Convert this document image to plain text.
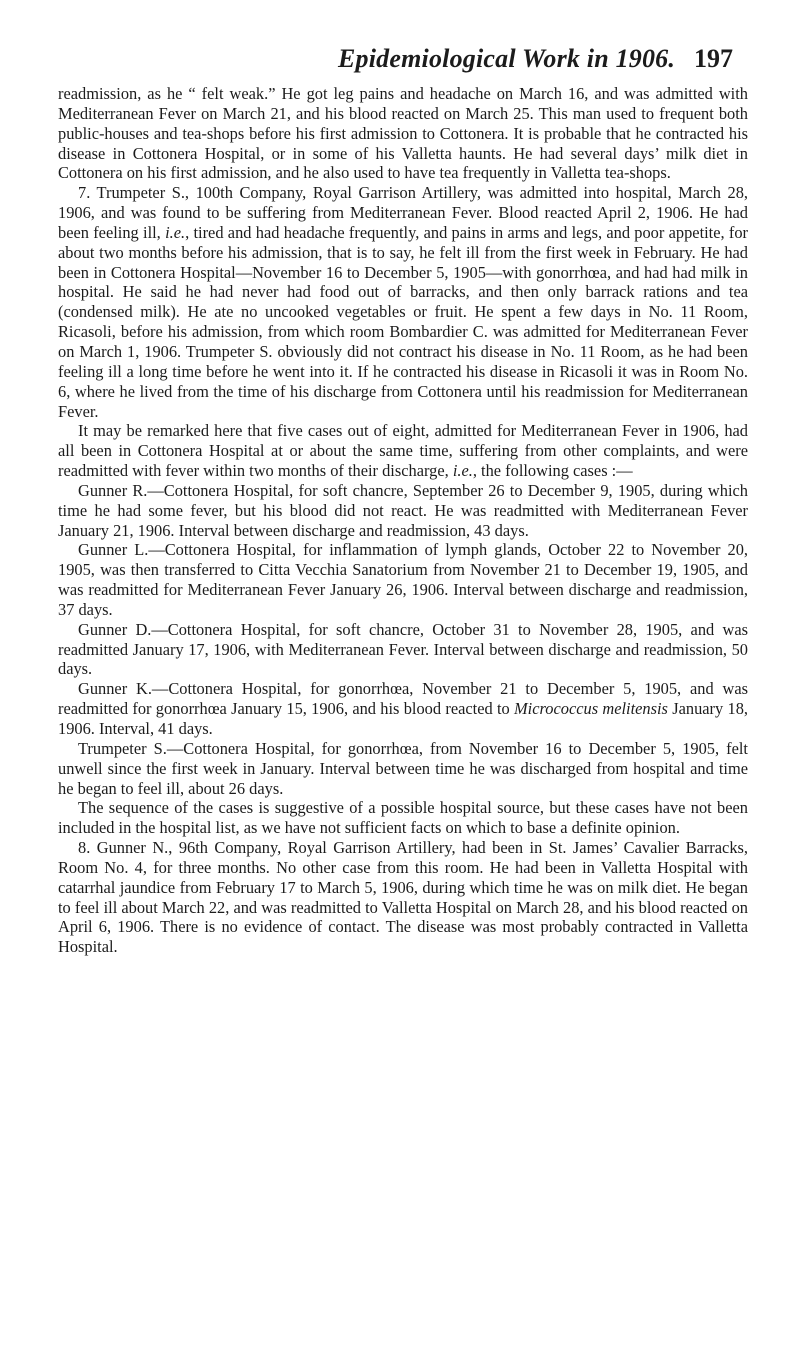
Epidemiological Work in 1906. 197

readmission, as he “ felt weak.” He got leg pains and headache on March 16, and was admitted with Mediterranean Fever on March 21, and his blood reacted on March 25. This man used to frequent both public-houses and tea-shops before his first admission to Cottonera. It is probable that he contracted his disease in Cottonera Hospital, or in some of his Valletta haunts. He had several days’ milk diet in Cottonera on his first admission, and he also used to have tea frequently in Valletta tea-shops.

7. Trumpeter S., 100th Company, Royal Garrison Artillery, was admitted into hospital, March 28, 1906, and was found to be suffering from Mediterranean Fever. Blood reacted April 2, 1906. He had been feeling ill, i.e., tired and had headache frequently, and pains in arms and legs, and poor appetite, for about two months before his admission, that is to say, he felt ill from the first week in February. He had been in Cottonera Hospital—November 16 to December 5, 1905—with gonorrhœa, and had had milk in hospital. He said he had never had food out of barracks, and then only barrack rations and tea (condensed milk). He ate no uncooked vegetables or fruit. He spent a few days in No. 11 Room, Ricasoli, before his admission, from which room Bombardier C. was admitted for Mediterranean Fever on March 1, 1906. Trumpeter S. obviously did not contract his disease in No. 11 Room, as he had been feeling ill a long time before he went into it. If he contracted his disease in Ricasoli it was in Room No. 6, where he lived from the time of his discharge from Cottonera until his readmission for Mediterranean Fever.

It may be remarked here that five cases out of eight, admitted for Mediterranean Fever in 1906, had all been in Cottonera Hospital at or about the same time, suffering from other complaints, and were readmitted with fever within two months of their discharge, i.e., the following cases :—

Gunner R.—Cottonera Hospital, for soft chancre, September 26 to December 9, 1905, during which time he had some fever, but his blood did not react. He was readmitted with Mediterranean Fever January 21, 1906. Interval between discharge and readmission, 43 days.

Gunner L.—Cottonera Hospital, for inflammation of lymph glands, October 22 to November 20, 1905, was then transferred to Citta Vecchia Sanatorium from November 21 to December 19, 1905, and was readmitted for Mediterranean Fever January 26, 1906. Interval between discharge and readmission, 37 days.

Gunner D.—Cottonera Hospital, for soft chancre, October 31 to November 28, 1905, and was readmitted January 17, 1906, with Mediterranean Fever. Interval between discharge and readmission, 50 days.

Gunner K.—Cottonera Hospital, for gonorrhœa, November 21 to December 5, 1905, and was readmitted for gonorrhœa January 15, 1906, and his blood reacted to Micrococcus melitensis January 18, 1906. Interval, 41 days.

Trumpeter S.—Cottonera Hospital, for gonorrhœa, from November 16 to December 5, 1905, felt unwell since the first week in January. Interval between time he was discharged from hospital and time he began to feel ill, about 26 days.

The sequence of the cases is suggestive of a possible hospital source, but these cases have not been included in the hospital list, as we have not sufficient facts on which to base a definite opinion.

8. Gunner N., 96th Company, Royal Garrison Artillery, had been in St. James’ Cavalier Barracks, Room No. 4, for three months. No other case from this room. He had been in Valletta Hospital with catarrhal jaundice from February 17 to March 5, 1906, during which time he was on milk diet. He began to feel ill about March 22, and was readmitted to Valletta Hospital on March 28, and his blood reacted on April 6, 1906. There is no evidence of contact. The disease was most probably contracted in Valletta Hospital.
